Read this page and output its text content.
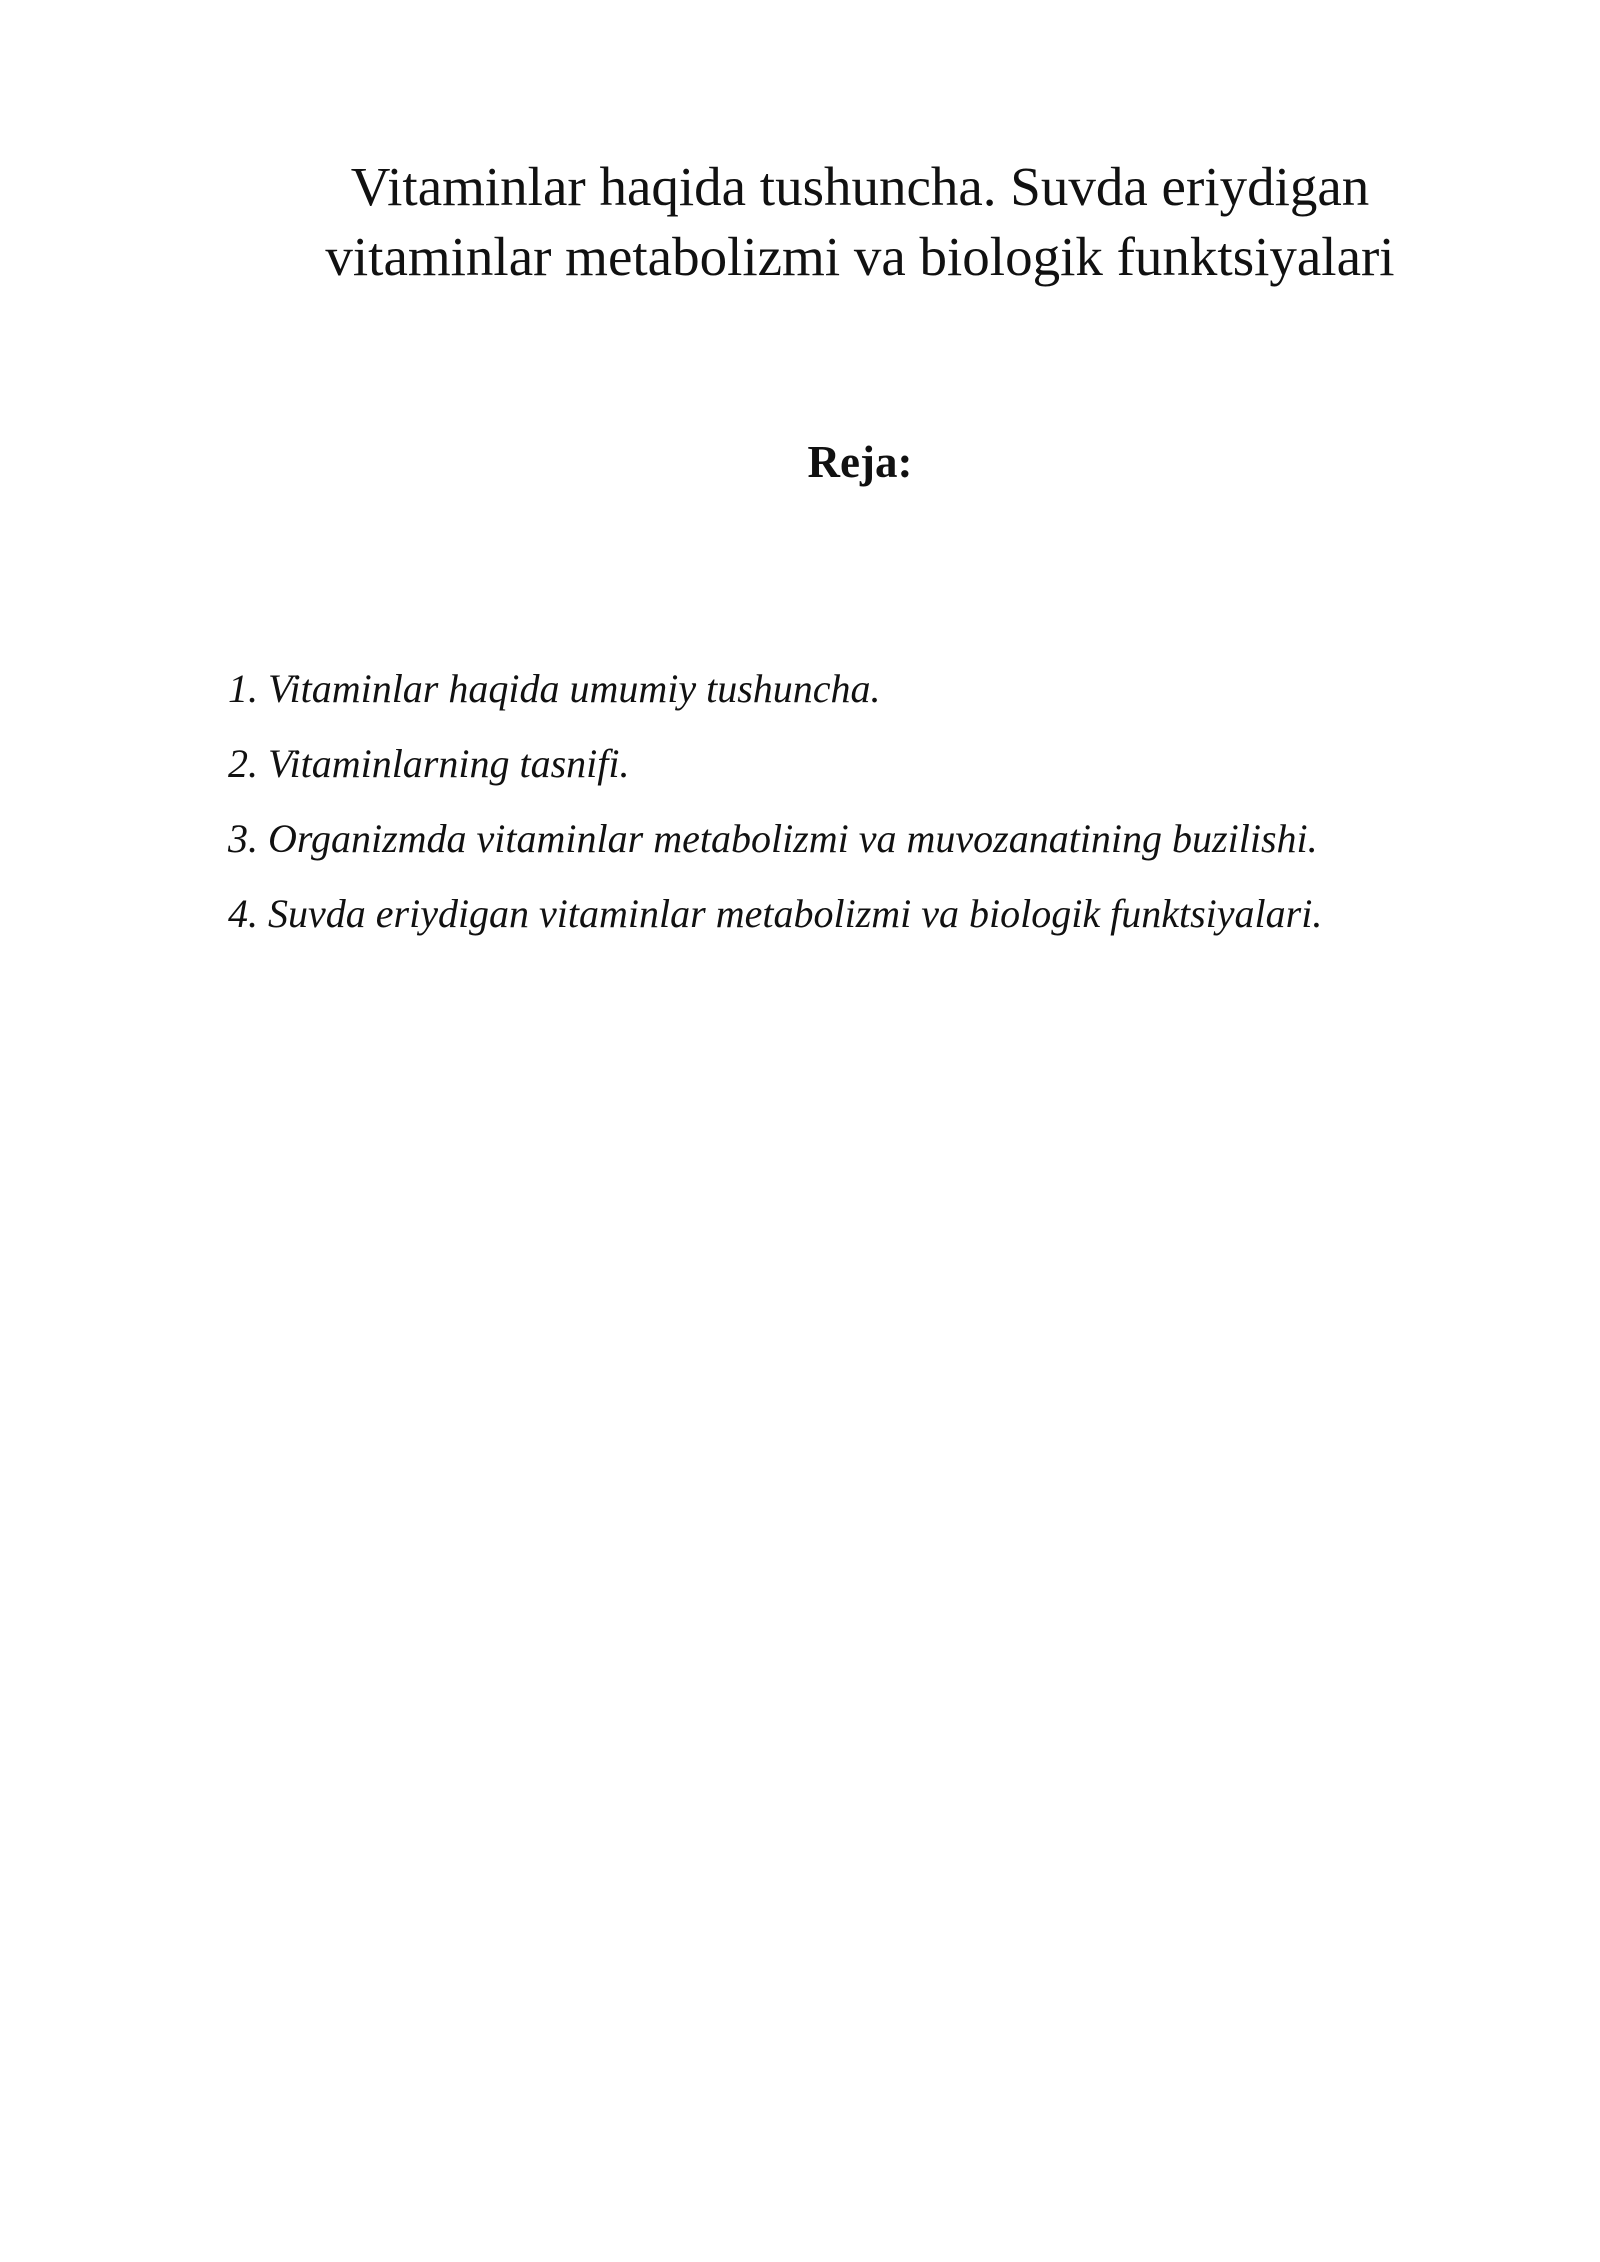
Vitaminlar haqida tushuncha. Suvda eriydigan
vitaminlar metabolizmi va biologik funktsiyalari
Reja:
1. Vitaminlar haqida umumiy tushuncha.
2. Vitaminlarning tasnifi.
3. Organizmda vitaminlar metabolizmi va muvozanatining buzilishi.
4. Suvda eriydigan vitaminlar metabolizmi va biologik funktsiyalari.
